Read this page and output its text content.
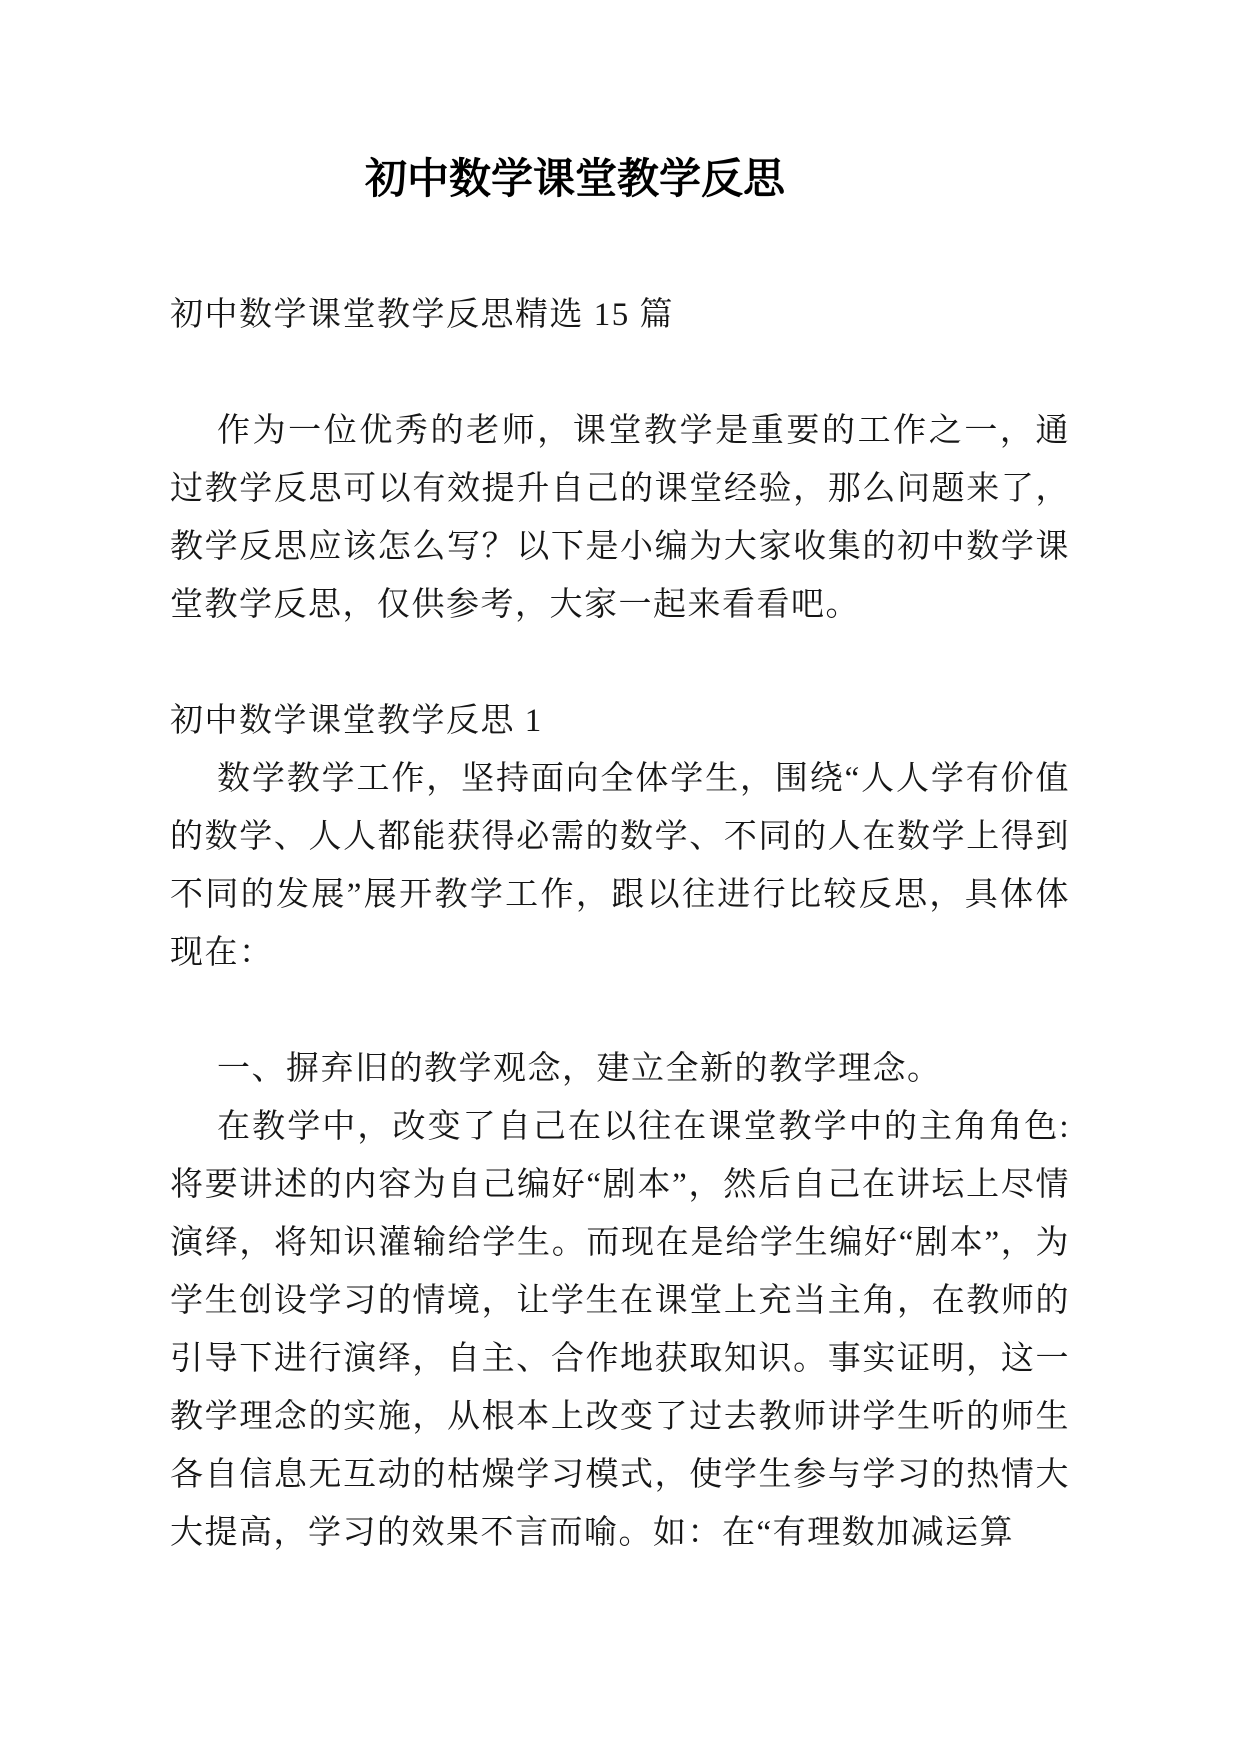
初中数学课堂教学反思

初中数学课堂教学反思精选 15 篇

作为一位优秀的老师，课堂教学是重要的工作之一，通过教学反思可以有效提升自己的课堂经验，那么问题来了，教学反思应该怎么写？以下是小编为大家收集的初中数学课堂教学反思，仅供参考，大家一起来看看吧。

初中数学课堂教学反思 1

数学教学工作，坚持面向全体学生，围绕“人人学有价值的数学、人人都能获得必需的数学、不同的人在数学上得到不同的发展”展开教学工作，跟以往进行比较反思，具体体现在：

一、摒弃旧的教学观念，建立全新的教学理念。

在教学中，改变了自己在以往在课堂教学中的主角角色:将要讲述的内容为自己编好“剧本”，然后自己在讲坛上尽情演绎，将知识灌输给学生。而现在是给学生编好“剧本”，为学生创设学习的情境，让学生在课堂上充当主角，在教师的引导下进行演绎，自主、合作地获取知识。事实证明，这一教学理念的实施，从根本上改变了过去教师讲学生听的师生各自信息无互动的枯燥学习模式，使学生参与学习的热情大大提高，学习的效果不言而喻。如：在“有理数加减运算
